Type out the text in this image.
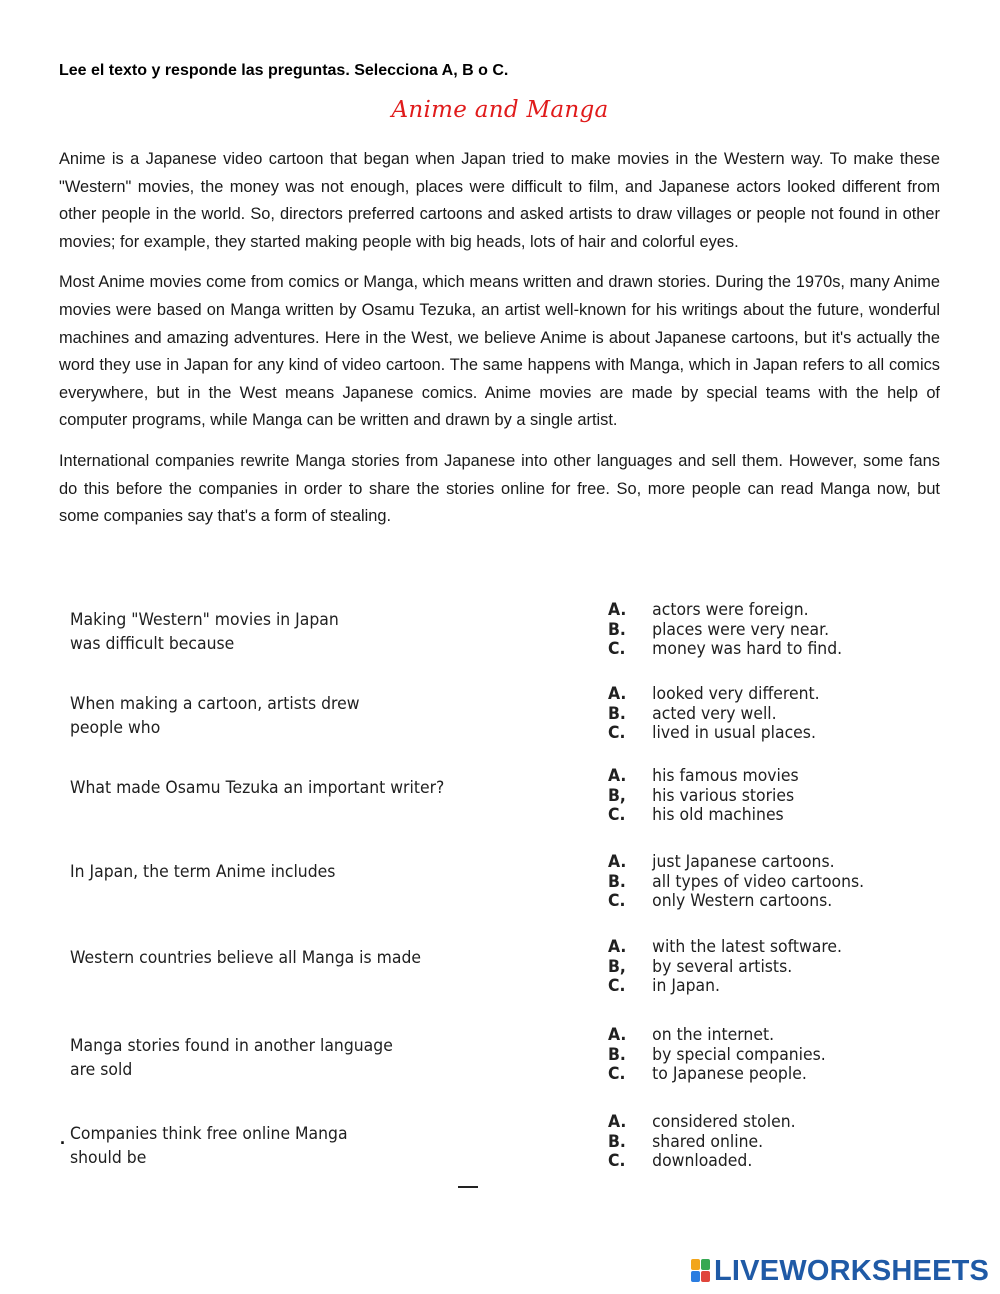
Lee el texto y responde las preguntas. Selecciona A, B o C.
Anime and Manga

Anime is a Japanese video cartoon that began when Japan tried to make movies in the Western way. To make these "Western" movies, the money was not enough, places were difficult to film, and Japanese actors looked different from other people in the world. So, directors preferred cartoons and asked artists to draw villages or people not found in other movies; for example, they started making people with big heads, lots of hair and colorful eyes.

Most Anime movies come from comics or Manga, which means written and drawn stories. During the 1970s, many Anime movies were based on Manga written by Osamu Tezuka, an artist well-known for his writings about the future, wonderful machines and amazing adventures. Here in the West, we believe Anime is about Japanese cartoons, but it's actually the word they use in Japan for any kind of video cartoon. The same happens with Manga, which in Japan refers to all comics everywhere, but in the West means Japanese comics. Anime movies are made by special teams with the help of computer programs, while Manga can be written and drawn by a single artist.

International companies rewrite Manga stories from Japanese into other languages and sell them. However, some fans do this before the companies in order to share the stories online for free. So, more people can read Manga now, but some companies say that's a form of stealing.

Making "Western" movies in Japan
was difficult because
A.	actors were foreign.
B.	places were very near.
C.	money was hard to find.
When making a cartoon, artists drew
people who
A.	looked very different.
B.	acted very well.
C.	lived in usual places.
What made Osamu Tezuka an important writer?
A.	his famous movies
B,	his various stories
C.	his old machines
In Japan, the term Anime includes	A.	just Japanese cartoons.
B.	all types of video cartoons.
C.	only Western cartoons.
Western countries believe all Manga is made
A.	with the latest software.
B,	by several artists.
C.	in Japan.
Manga stories found in another language
are sold
A.	on the internet.
B.	by special companies.
C.	to Japanese people.
. Companies think free online Manga
should be
A.	considered stolen.
B.	shared online.
C.	downloaded.
LIVEWORKSHEETS
